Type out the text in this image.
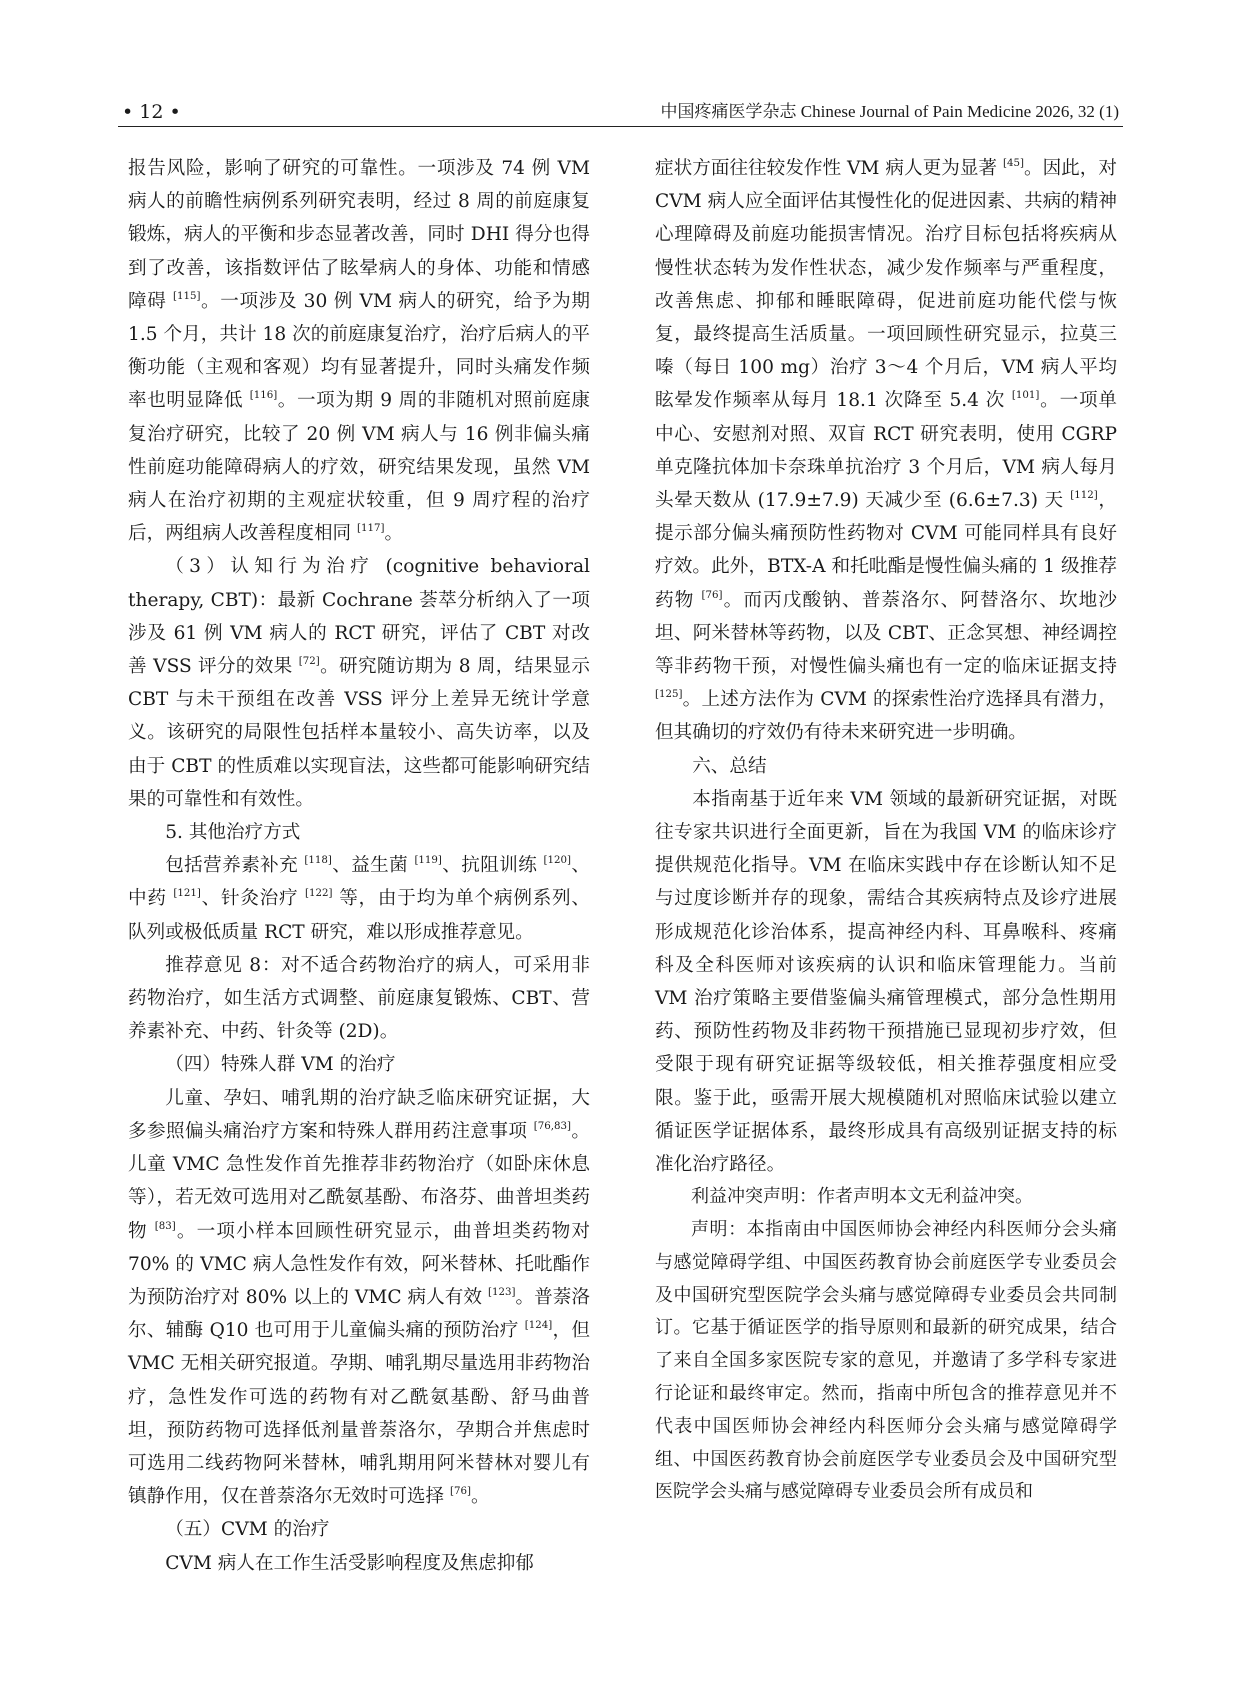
• 12 •	中国疼痛医学杂志 Chinese Journal of Pain Medicine 2026, 32 (1)

报告风险，影响了研究的可靠性。一项涉及 74 例 VM 病人的前瞻性病例系列研究表明，经过 8 周的前庭康复锻炼，病人的平衡和步态显著改善，同时 DHI 得分也得到了改善，该指数评估了眩晕病人的身体、功能和情感障碍 [115]。一项涉及 30 例 VM 病人的研究，给予为期 1.5 个月，共计 18 次的前庭康复治疗，治疗后病人的平衡功能（主观和客观）均有显著提升，同时头痛发作频率也明显降低 [116]。一项为期 9 周的非随机对照前庭康复治疗研究，比较了 20 例 VM 病人与 16 例非偏头痛性前庭功能障碍病人的疗效，研究结果发现，虽然 VM 病人在治疗初期的主观症状较重，但 9 周疗程的治疗后，两组病人改善程度相同 [117]。

（3）认知行为治疗 (cognitive behavioral therapy, CBT)：最新 Cochrane 荟萃分析纳入了一项涉及 61 例 VM 病人的 RCT 研究，评估了 CBT 对改善 VSS 评分的效果 [72]。研究随访期为 8 周，结果显示 CBT 与未干预组在改善 VSS 评分上差异无统计学意义。该研究的局限性包括样本量较小、高失访率，以及由于 CBT 的性质难以实现盲法，这些都可能影响研究结果的可靠性和有效性。

5. 其他治疗方式

包括营养素补充 [118]、益生菌 [119]、抗阻训练 [120]、中药 [121]、针灸治疗 [122] 等，由于均为单个病例系列、队列或极低质量 RCT 研究，难以形成推荐意见。

推荐意见 8：对不适合药物治疗的病人，可采用非药物治疗，如生活方式调整、前庭康复锻炼、CBT、营养素补充、中药、针灸等 (2D)。

（四）特殊人群 VM 的治疗

儿童、孕妇、哺乳期的治疗缺乏临床研究证据，大多参照偏头痛治疗方案和特殊人群用药注意事项 [76,83]。儿童 VMC 急性发作首先推荐非药物治疗（如卧床休息等），若无效可选用对乙酰氨基酚、布洛芬、曲普坦类药物 [83]。一项小样本回顾性研究显示，曲普坦类药物对 70% 的 VMC 病人急性发作有效，阿米替林、托吡酯作为预防治疗对 80% 以上的 VMC 病人有效 [123]。普萘洛尔、辅酶 Q10 也可用于儿童偏头痛的预防治疗 [124]，但 VMC 无相关研究报道。孕期、哺乳期尽量选用非药物治疗，急性发作可选的药物有对乙酰氨基酚、舒马曲普坦，预防药物可选择低剂量普萘洛尔，孕期合并焦虑时可选用二线药物阿米替林，哺乳期用阿米替林对婴儿有镇静作用，仅在普萘洛尔无效时可选择 [76]。

（五）CVM 的治疗

CVM 病人在工作生活受影响程度及焦虑抑郁

症状方面往往较发作性 VM 病人更为显著 [45]。因此，对 CVM 病人应全面评估其慢性化的促进因素、共病的精神心理障碍及前庭功能损害情况。治疗目标包括将疾病从慢性状态转为发作性状态，减少发作频率与严重程度，改善焦虑、抑郁和睡眠障碍，促进前庭功能代偿与恢复，最终提高生活质量。一项回顾性研究显示，拉莫三嗪（每日 100 mg）治疗 3～4 个月后，VM 病人平均眩晕发作频率从每月 18.1 次降至 5.4 次 [101]。一项单中心、安慰剂对照、双盲 RCT 研究表明，使用 CGRP 单克隆抗体加卡奈珠单抗治疗 3 个月后，VM 病人每月头晕天数从 (17.9±7.9) 天减少至 (6.6±7.3) 天 [112]，提示部分偏头痛预防性药物对 CVM 可能同样具有良好疗效。此外，BTX-A 和托吡酯是慢性偏头痛的 1 级推荐药物 [76]。而丙戊酸钠、普萘洛尔、阿替洛尔、坎地沙坦、阿米替林等药物，以及 CBT、正念冥想、神经调控等非药物干预，对慢性偏头痛也有一定的临床证据支持 [125]。上述方法作为 CVM 的探索性治疗选择具有潜力，但其确切的疗效仍有待未来研究进一步明确。

六、总结

本指南基于近年来 VM 领域的最新研究证据，对既往专家共识进行全面更新，旨在为我国 VM 的临床诊疗提供规范化指导。VM 在临床实践中存在诊断认知不足与过度诊断并存的现象，需结合其疾病特点及诊疗进展形成规范化诊治体系，提高神经内科、耳鼻喉科、疼痛科及全科医师对该疾病的认识和临床管理能力。当前 VM 治疗策略主要借鉴偏头痛管理模式，部分急性期用药、预防性药物及非药物干预措施已显现初步疗效，但受限于现有研究证据等级较低，相关推荐强度相应受限。鉴于此，亟需开展大规模随机对照临床试验以建立循证医学证据体系，最终形成具有高级别证据支持的标准化治疗路径。

利益冲突声明：作者声明本文无利益冲突。

声明：本指南由中国医师协会神经内科医师分会头痛与感觉障碍学组、中国医药教育协会前庭医学专业委员会及中国研究型医院学会头痛与感觉障碍专业委员会共同制订。它基于循证医学的指导原则和最新的研究成果，结合了来自全国多家医院专家的意见，并邀请了多学科专家进行论证和最终审定。然而，指南中所包含的推荐意见并不代表中国医师协会神经内科医师分会头痛与感觉障碍学组、中国医药教育协会前庭医学专业委员会及中国研究型医院学会头痛与感觉障碍专业委员会所有成员和
